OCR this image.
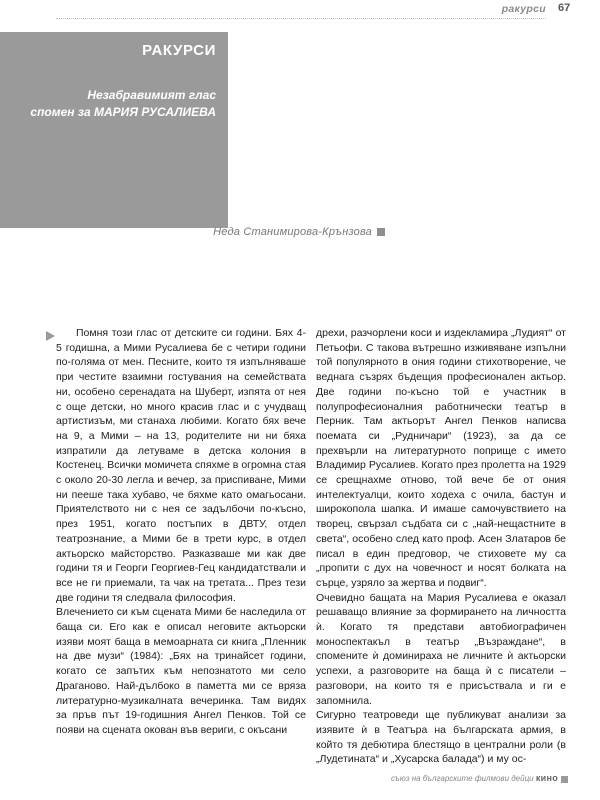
ракурси 67
РАКУРСИ
Незабравимият глас
спомен за МАРИЯ РУСАЛИЕВА
Неда Станимирова-Крънзова

Помня този глас от детските си години. Бях 4-5 годишна, а Мими Русалиева бе с четири години по-голяма от мен. Песните, които тя изпълняваше при честите взаимни гостувания на семействата ни, особено серенадата на Шуберт, изпята от нея с още детски, но много красив глас и с учудващ артистизъм, ми станаха любими. Когато бях вече на 9, а Мими – на 13, родителите ни ни бяха изпратили да летуваме в детска колония в Костенец. Всички момичета спяхме в огромна стая с около 20-30 легла и вечер, за приспиване, Мими ни пееше така хубаво, че бяхме като омагьосани. Приятелството ни с нея се задълбочи по-късно, през 1951, когато постъпих в ДВТУ, отдел театрознание, а Мими бе в трети курс, в отдел актьорско майсторство. Разказваше ми как две години тя и Георги Георгиев-Гец кандидатствали и все не ги приемали, та чак на третата... През тези две години тя следвала философия.

Влечението си към сцената Мими бе наследила от баща си. Его как е описал неговите актьорски изяви моят баща в мемоарната си книга „Пленник на две музи“ (1984): „Бях на тринайсет години, когато се запътих към непознатото ми село Драганово. Най-дълбоко в паметта ми се вряза литературно-музикалната вечеринка. Там видях за пръв път 19-годишния Ангел Пенков. Той се появи на сцената окован във вериги, с окъсани

дрехи, разчорлени коси и издекламира „Лудият“ от Петьофи. С такова вътрешно изживяване изпълни той популярното в ония години стихотворение, че веднага съзрях бъдещия професионален актьор. Две години по-късно той е участник в полупрофесионалния работнически театър в Перник. Там актьорът Ангел Пенков написва поемата си „Рудничари“ (1923), за да се прехвърли на литературното поприще с името Владимир Русалиев. Когато през пролетта на 1929 се срещнахме отново, той вече бе от ония интелектуалци, които ходеха с очила, бастун и широкопола шапка. И имаше самочувствието на творец, свързал съдбата си с „най-нещастните в света“, особено след като проф. Асен Златаров бе писал в един предговор, че стиховете му са „пропити с дух на човечност и носят болката на сърце, узряло за жертва и подвиг“.

Очевидно бащата на Мария Русалиева е оказал решаващо влияние за формирането на личността ѝ. Когато тя представи автобиографичен моноспектакъл в театър „Възраждане“, в спомените ѝ доминираха не личните ѝ актьорски успехи, а разговорите на баща ѝ с писатели – разговори, на които тя е присъствала и ги е запомнила.

Сигурно театроведи ще публикуват анализи за изявите ѝ в Театъра на българската армия, в който тя дебютира блестящо в централни роли (в „Лудетината“ и „Хусарска балада“) и му ос-

съюз на българските филмови дейци кино
